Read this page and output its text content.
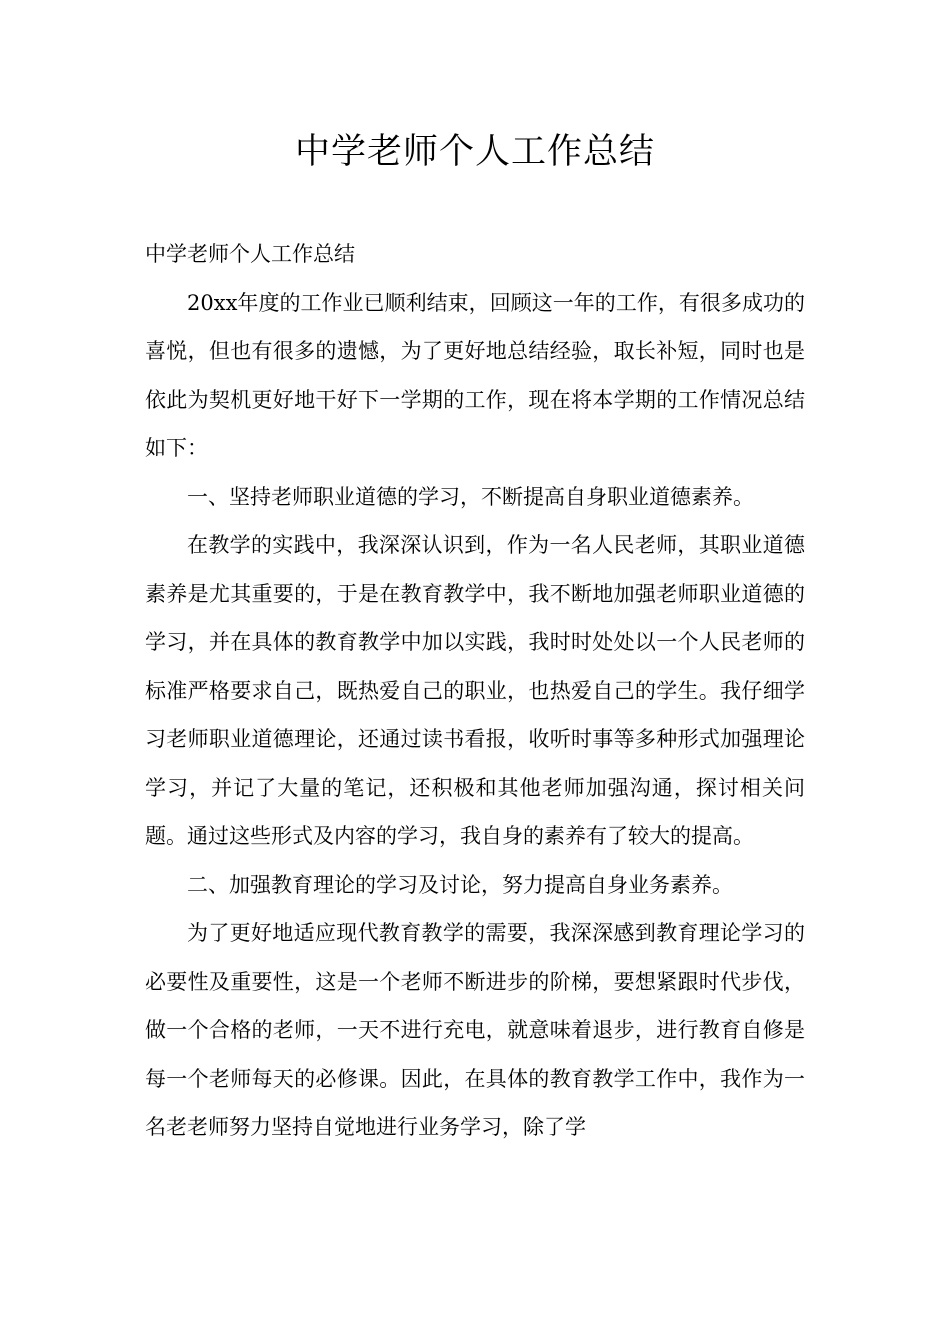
中学老师个人工作总结

中学老师个人工作总结

20xx年度的工作业已顺利结束，回顾这一年的工作，有很多成功的喜悦，但也有很多的遗憾，为了更好地总结经验，取长补短，同时也是依此为契机更好地干好下一学期的工作，现在将本学期的工作情况总结如下：

一、坚持老师职业道德的学习，不断提高自身职业道德素养。

在教学的实践中，我深深认识到，作为一名人民老师，其职业道德素养是尤其重要的，于是在教育教学中，我不断地加强老师职业道德的学习，并在具体的教育教学中加以实践，我时时处处以一个人民老师的标准严格要求自己，既热爱自己的职业，也热爱自己的学生。我仔细学习老师职业道德理论，还通过读书看报，收听时事等多种形式加强理论学习，并记了大量的笔记，还积极和其他老师加强沟通，探讨相关问题。通过这些形式及内容的学习，我自身的素养有了较大的提高。

二、加强教育理论的学习及讨论，努力提高自身业务素养。

为了更好地适应现代教育教学的需要，我深深感到教育理论学习的必要性及重要性，这是一个老师不断进步的阶梯，要想紧跟时代步伐，做一个合格的老师，一天不进行充电，就意味着退步，进行教育自修是每一个老师每天的必修课。因此，在具体的教育教学工作中，我作为一名老老师努力坚持自觉地进行业务学习，除了学
